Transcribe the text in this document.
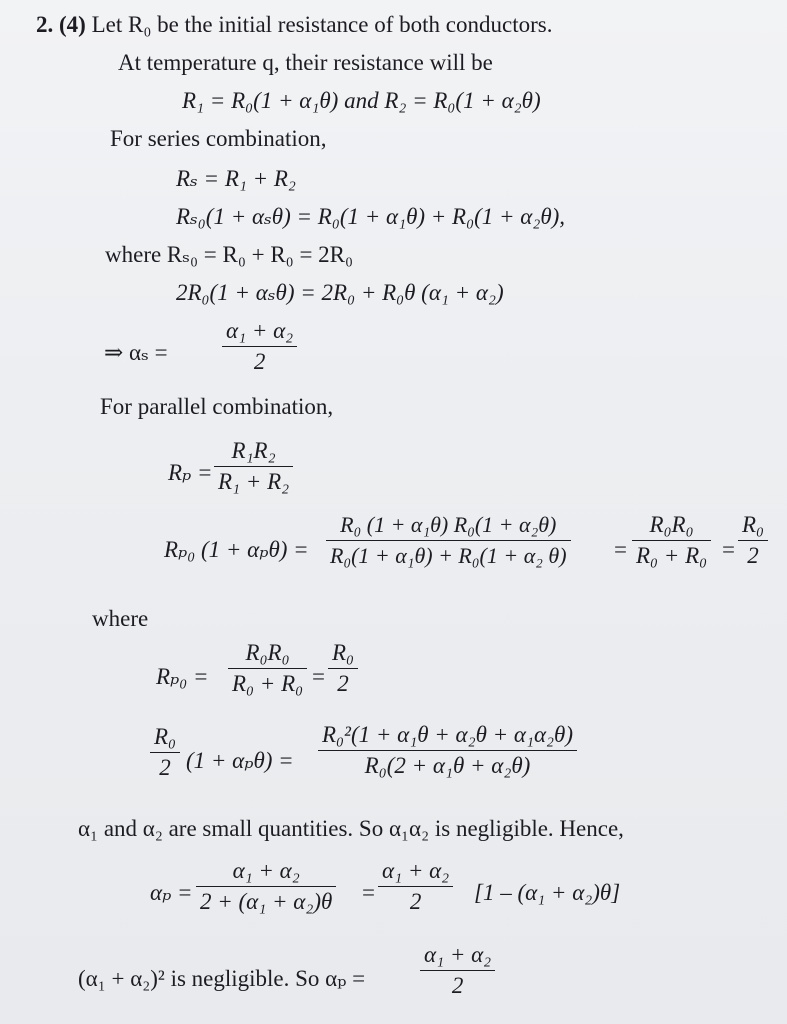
2. (4) Let R₀ be the initial resistance of both conductors.
At temperature q, their resistance will be
R₁ = R₀(1 + α₁θ) and R₂ = R₀(1 + α₂θ)
For series combination,
Rₛ = R₁ + R₂
Rₛ₀(1 + αₛθ) = R₀(1 + α₁θ) + R₀(1 + α₂θ),
where Rₛ₀ = R₀ + R₀ = 2R₀
2R₀(1 + αₛθ) = 2R₀ + R₀θ (α₁ + α₂)
⇒ $\alpha_s = \frac{\text{α₁ + α₂}}{2}$
For parallel combination,
$R_p = \frac{\text{R₁R₂}}{\text{R₁ + R₂}}$
Rₚ₀ $(1 + \alpha_p\theta) = \frac{\text{R₀ (1 + α₁θ) R₀(1 + α₂θ)}}{\text{R₀(1 + α₁θ) + R₀(1 + α₂ θ)}} = \frac{\text{R₀R₀}}{\text{R₀ + R₀}} = \frac{\text{R₀}}{2}$
where
$R_{p0} = \frac{\text{R₀R₀}}{\text{R₀ + R₀}} = \frac{\text{R₀}}{2}$
$\frac{\text{R₀}}{2} (1 + \alpha_p\theta) = \frac{\text{R₀²(1 + α₁θ + α₂θ + α₁α₂θ)}}{\text{R₀(2 + α₁θ + α₂θ)}}$
α₁ and α₂ are small quantities. So α₁α₂ is negligible. Hence,
$\alpha_p = \frac{\text{α₁ + α₂}}{\text{2 + (α₁ + α₂)θ}} = \frac{\text{α₁ + α₂}}{2} [1 - (\alpha_1 + \alpha_2)\theta]$
(α₁ + α₂)² is negligible. So $\alpha_p = \frac{\text{α₁ + α₂}}{2}$
